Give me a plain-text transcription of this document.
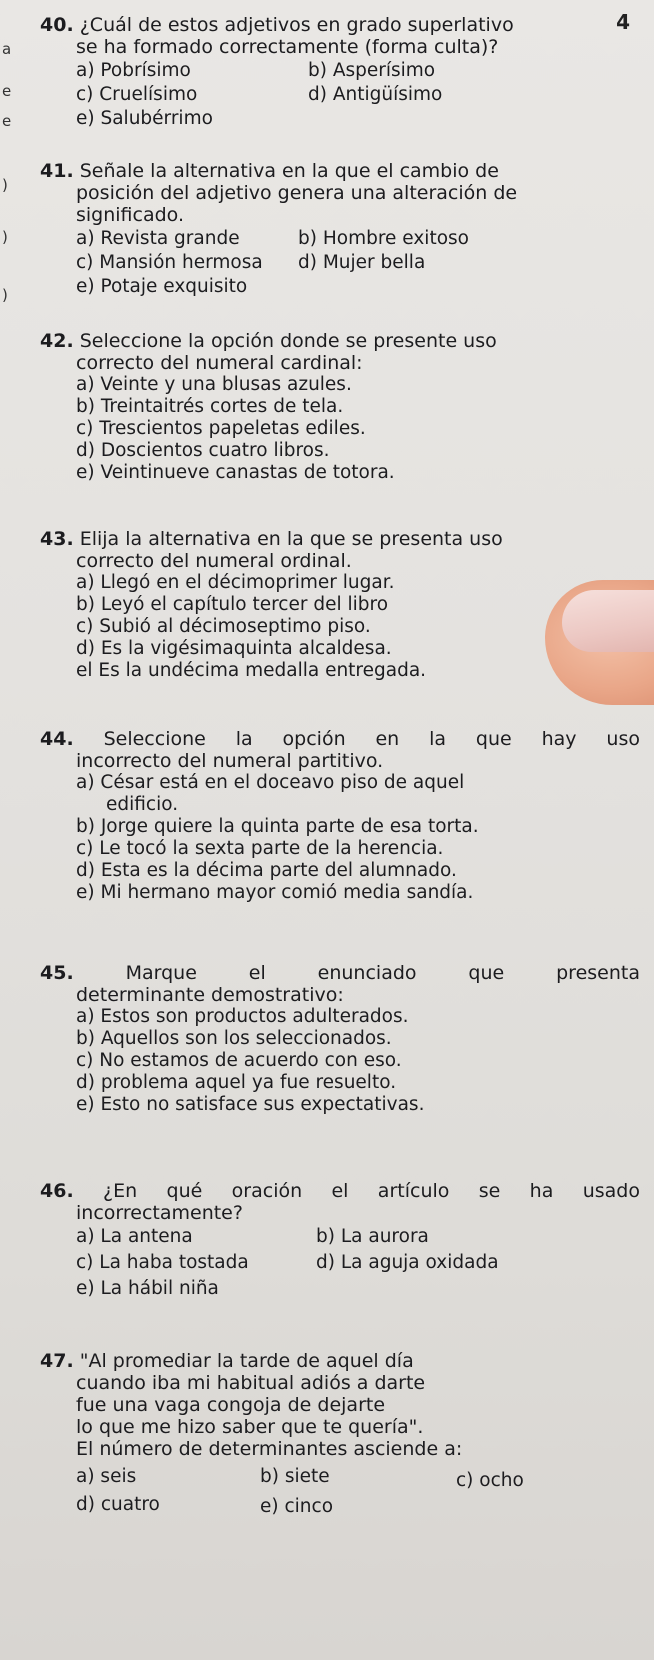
4
a
e
e
)
)
)
40. ¿Cuál de estos adjetivos en grado superlativo
se ha formado correctamente (forma culta)?
a) Pobrísimo	b) Asperísimo
c) Cruelísimo	d) Antigüísimo
e) Salubérrimo
41. Señale la alternativa en la que el cambio de
posición del adjetivo genera una alteración de
significado.
a) Revista grande	b) Hombre exitoso
c) Mansión hermosa d) Mujer bella
e) Potaje exquisito
42. Seleccione la opción donde se presente uso
correcto del numeral cardinal:
a) Veinte y una blusas azules.
b) Treintaitrés cortes de tela.
c) Trescientos papeletas ediles.
d) Doscientos cuatro libros.
e) Veintinueve canastas de totora.
43. Elija la alternativa en la que se presenta uso
correcto del numeral ordinal.
a) Llegó en el décimoprimer lugar.
b) Leyó el capítulo tercer del libro
c) Subió al décimoseptimo piso.
d) Es la vigésimaquinta alcaldesa.
el Es la undécima medalla entregada.
44. Seleccione la opción en la que hay uso
incorrecto del numeral partitivo.
a) César está en el doceavo piso de aquel
edificio.
b) Jorge quiere la quinta parte de esa torta.
c) Le tocó la sexta parte de la herencia.
d) Esta es la décima parte del alumnado.
e) Mi hermano mayor comió media sandía.
45.	Marque el enunciado que presenta
determinante demostrativo:
a) Estos son productos adulterados.
b) Aquellos son los seleccionados.
c) No estamos de acuerdo con eso.
d) problema aquel ya fue resuelto.
e) Esto no satisface sus expectativas.
46. ¿En qué oración el artículo se ha usado
incorrectamente?
a) La antena	b) La aurora
c) La haba tostada	d) La aguja oxidada
e) La hábil niña
47. "Al promediar la tarde de aquel día
cuando iba mi habitual adiós a darte
fue una vaga congoja de dejarte
lo que me hizo saber que te quería".
El número de determinantes asciende a:
a) seis	b) siete	c) ocho
d) cuatro	e) cinco
